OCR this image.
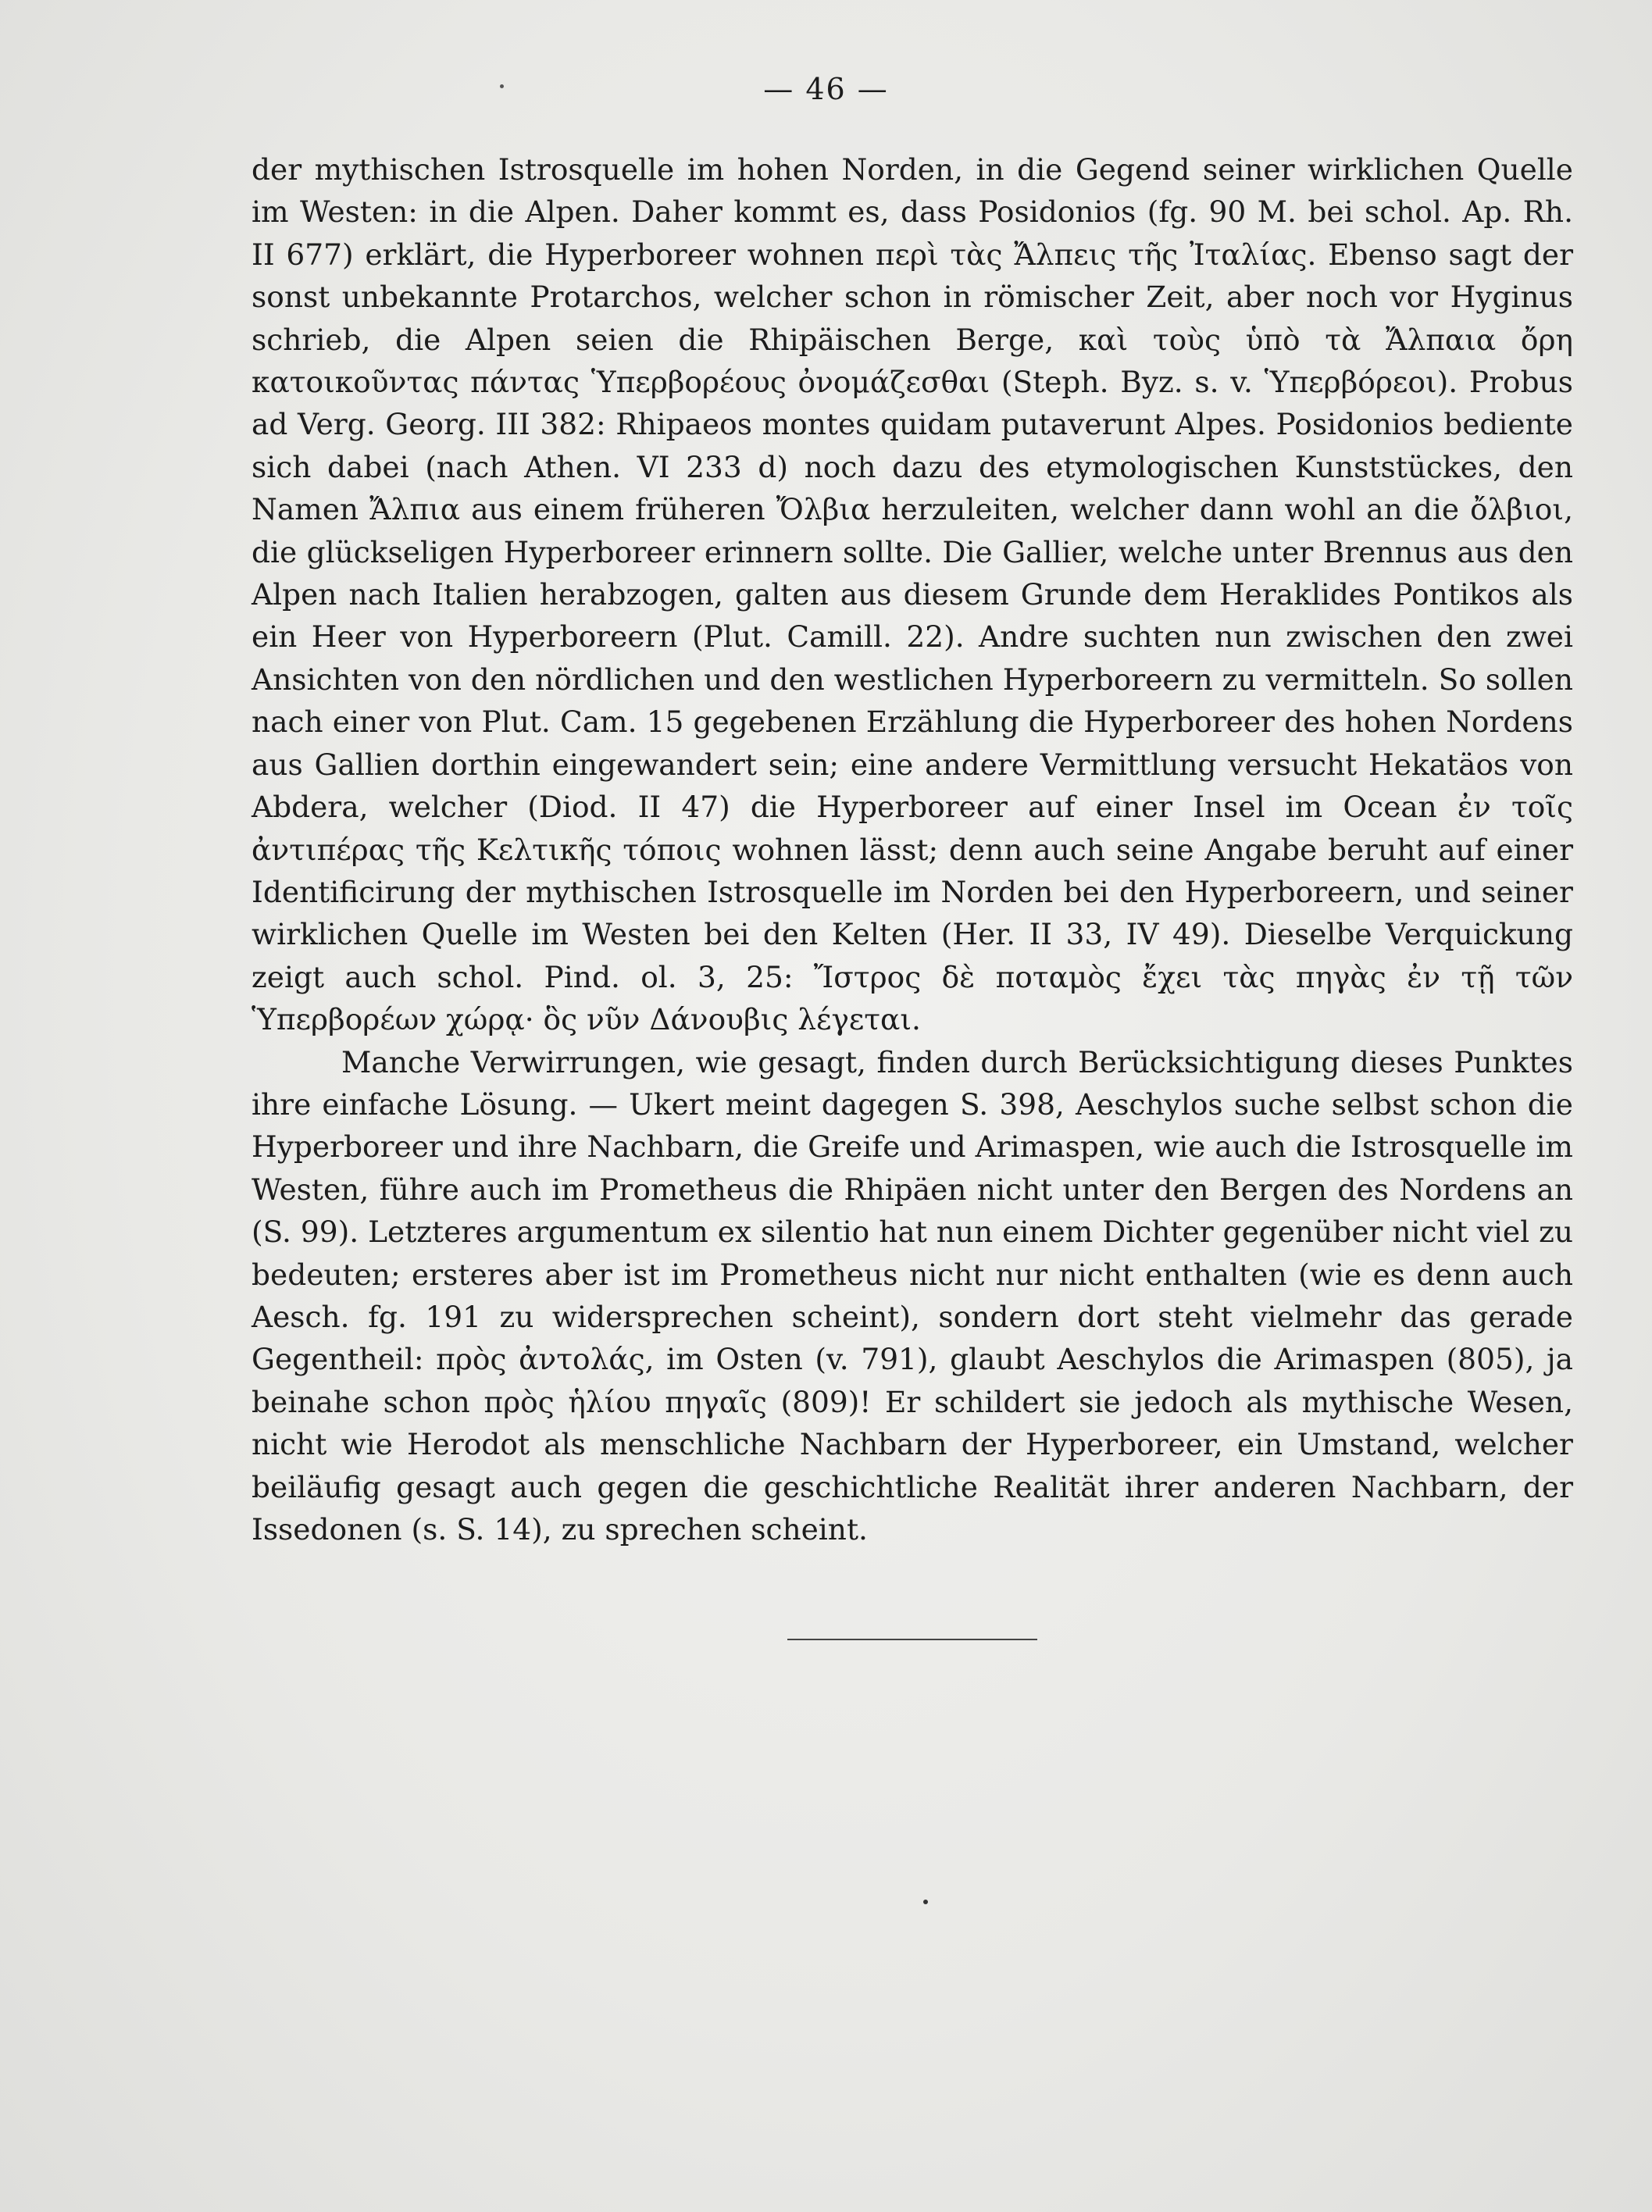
— 46 —

der mythischen Istrosquelle im hohen Norden, in die Gegend seiner wirklichen Quelle im Westen: in die Alpen. Daher kommt es, dass Posidonios (fg. 90 M. bei schol. Ap. Rh. II 677) erklärt, die Hyperboreer wohnen περὶ τὰς Ἄλπεις τῆς Ἰταλίας. Ebenso sagt der sonst unbekannte Protarchos, welcher schon in römischer Zeit, aber noch vor Hyginus schrieb, die Alpen seien die Rhipäischen Berge, καὶ τοὺς ὑπὸ τὰ Ἄλπαια ὄρη κατοικοῦντας πάντας Ὑπερβορέους ὀνομάζεσθαι (Steph. Byz. s. v. Ὑπερβόρεοι). Probus ad Verg. Georg. III 382: Rhipaeos montes quidam putaverunt Alpes. Posidonios bediente sich dabei (nach Athen. VI 233 d) noch dazu des etymologischen Kunststückes, den Namen Ἄλπια aus einem früheren Ὄλβια herzuleiten, welcher dann wohl an die ὄλβιοι, die glückseligen Hyperboreer erinnern sollte. Die Gallier, welche unter Brennus aus den Alpen nach Italien herabzogen, galten aus diesem Grunde dem Heraklides Pontikos als ein Heer von Hyperboreern (Plut. Camill. 22). Andre suchten nun zwischen den zwei Ansichten von den nördlichen und den westlichen Hyperboreern zu vermitteln. So sollen nach einer von Plut. Cam. 15 gegebenen Erzählung die Hyperboreer des hohen Nordens aus Gallien dorthin eingewandert sein; eine andere Vermittlung versucht Hekatäos von Abdera, welcher (Diod. II 47) die Hyperboreer auf einer Insel im Ocean ἐν τοῖς ἀντιπέρας τῆς Κελτικῆς τόποις wohnen lässt; denn auch seine Angabe beruht auf einer Identificirung der mythischen Istrosquelle im Norden bei den Hyperboreern, und seiner wirklichen Quelle im Westen bei den Kelten (Her. II 33, IV 49). Dieselbe Verquickung zeigt auch schol. Pind. ol. 3, 25: Ἴστρος δὲ ποταμὸς ἔχει τὰς πηγὰς ἐν τῇ τῶν Ὑπερβορέων χώρᾳ· ὃς νῦν Δάνουβις λέγεται.

Manche Verwirrungen, wie gesagt, finden durch Berücksichtigung dieses Punktes ihre einfache Lösung. — Ukert meint dagegen S. 398, Aeschylos suche selbst schon die Hyperboreer und ihre Nachbarn, die Greife und Arimaspen, wie auch die Istrosquelle im Westen, führe auch im Prometheus die Rhipäen nicht unter den Bergen des Nordens an (S. 99). Letzteres argumentum ex silentio hat nun einem Dichter gegenüber nicht viel zu bedeuten; ersteres aber ist im Prometheus nicht nur nicht enthalten (wie es denn auch Aesch. fg. 191 zu widersprechen scheint), sondern dort steht vielmehr das gerade Gegentheil: πρὸς ἀντολάς, im Osten (v. 791), glaubt Aeschylos die Arimaspen (805), ja beinahe schon πρὸς ἡλίου πηγαῖς (809)! Er schildert sie jedoch als mythische Wesen, nicht wie Herodot als menschliche Nachbarn der Hyperboreer, ein Umstand, welcher beiläufig gesagt auch gegen die geschichtliche Realität ihrer anderen Nachbarn, der Issedonen (s. S. 14), zu sprechen scheint.
